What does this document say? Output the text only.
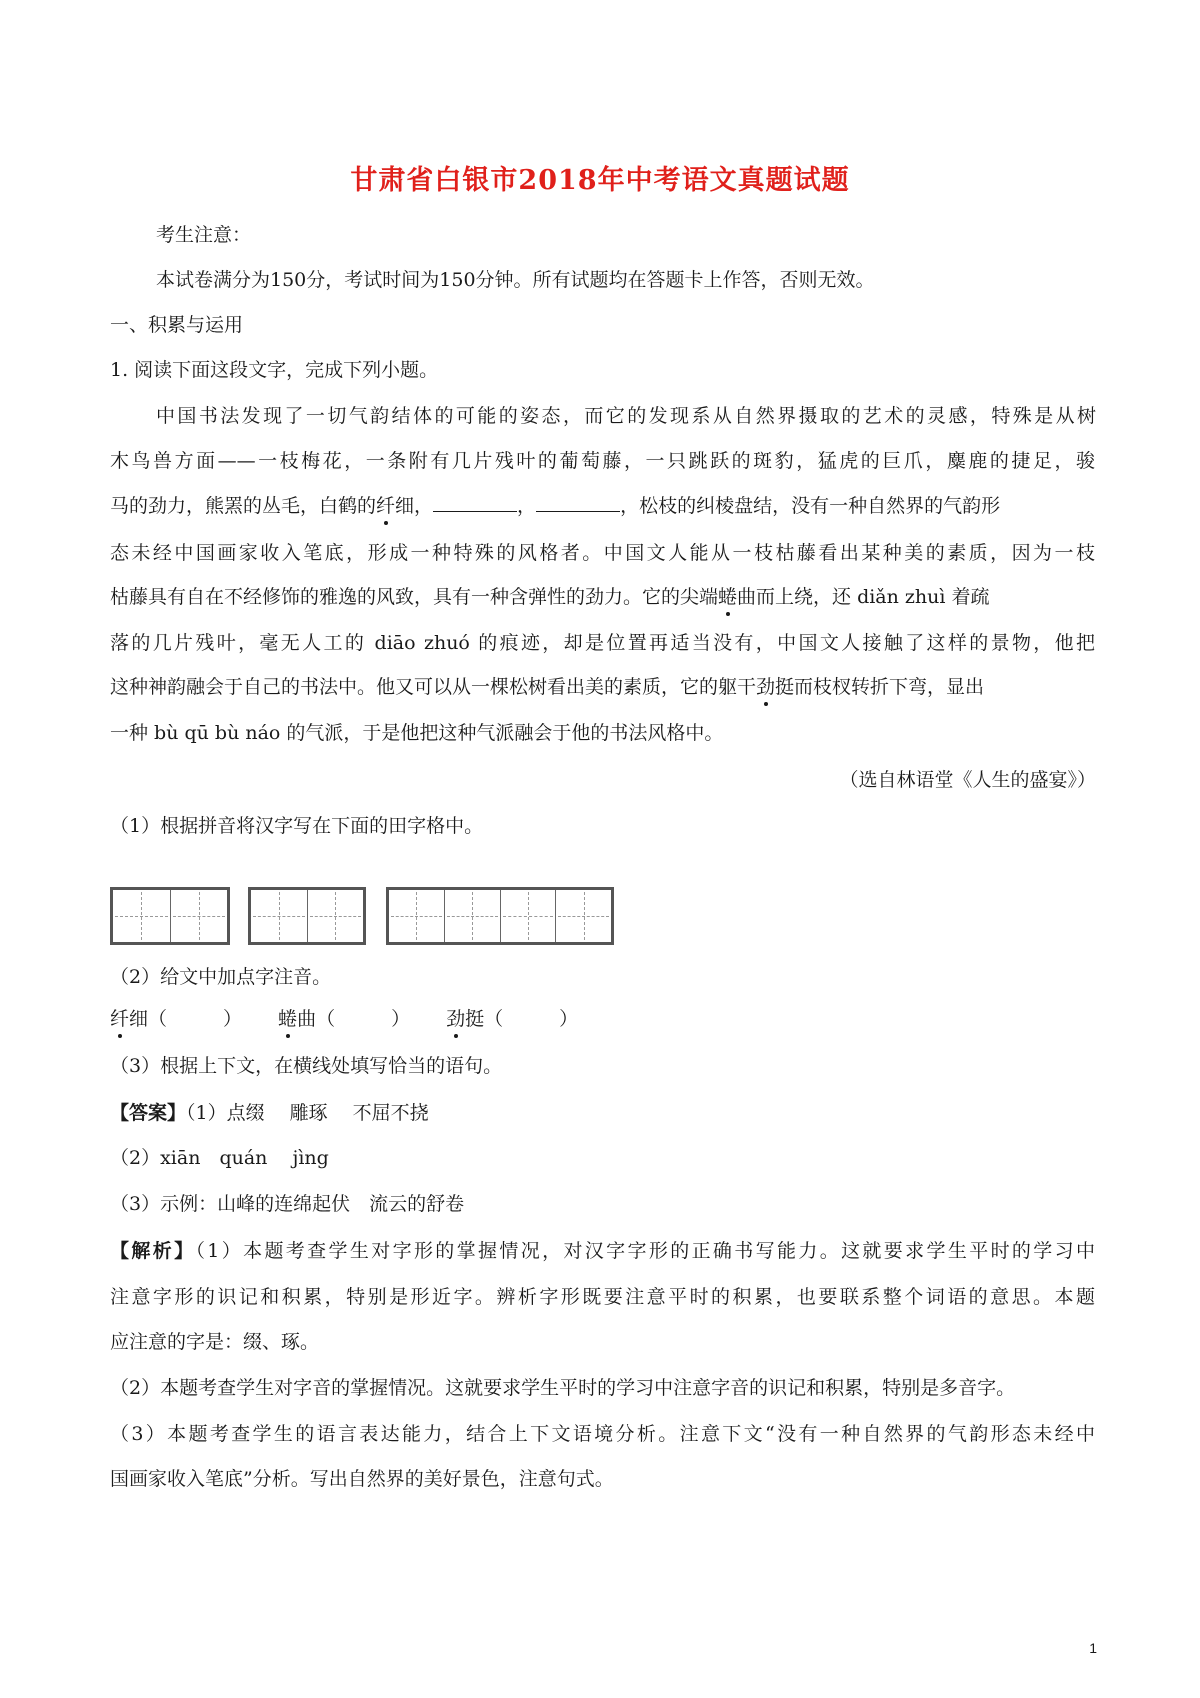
甘肃省白银市2018年中考语文真题试题
考生注意：
本试卷满分为150分，考试时间为150分钟。所有试题均在答题卡上作答，否则无效。
一、积累与运用
1. 阅读下面这段文字，完成下列小题。
中国书法发现了一切气韵结体的可能的姿态，而它的发现系从自然界摄取的艺术的灵感，特殊是从树
木鸟兽方面——一枝梅花，一条附有几片残叶的葡萄藤，一只跳跃的斑豹，猛虎的巨爪，麋鹿的捷足，骏
马的劲力，熊罴的丛毛，白鹤的纤细，	，	，松枝的纠棱盘结，没有一种自然界的气韵形
态未经中国画家收入笔底，形成一种特殊的风格者。中国文人能从一枝枯藤看出某种美的素质，因为一枝
枯藤具有自在不经修饰的雅逸的风致，具有一种含弹性的劲力。它的尖端蜷曲而上绕，还 diǎn zhuì 着疏
落的几片残叶，毫无人工的 diāo zhuó 的痕迹，却是位置再适当没有，中国文人接触了这样的景物，他把
这种神韵融会于自己的书法中。他又可以从一棵松树看出美的素质，它的躯干劲挺而枝杈转折下弯，显出
一种 bù qū bù náo 的气派，于是他把这种气派融会于他的书法风格中。
（选自林语堂《人生的盛宴》）
（1）根据拼音将汉字写在下面的田字格中。
（2）给文中加点字注音。
纤细（	） 蜷曲（	） 劲挺（	）
（3）根据上下文，在横线处填写恰当的语句。
【答案】（1）点缀　 雕琢　 不屈不挠
（2）xiān　quán　 jìng
（3）示例：山峰的连绵起伏　流云的舒卷
【解析】（1）本题考查学生对字形的掌握情况，对汉字字形的正确书写能力。这就要求学生平时的学习中
注意字形的识记和积累，特别是形近字。辨析字形既要注意平时的积累，也要联系整个词语的意思。本题
应注意的字是：缀、琢。
（2）本题考查学生对字音的掌握情况。这就要求学生平时的学习中注意字音的识记和积累，特别是多音字。
（3）本题考查学生的语言表达能力，结合上下文语境分析。注意下文“没有一种自然界的气韵形态未经中
国画家收入笔底”分析。写出自然界的美好景色，注意句式。
1
